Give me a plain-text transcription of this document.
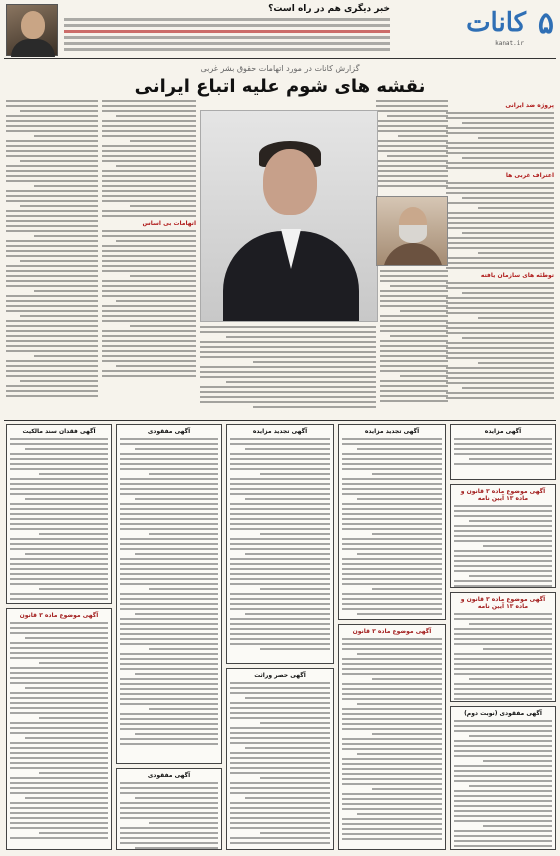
خبر دیگری هم در راه است؟	۵
کانات
kanat.ir
گزارش کانات در مورد اتهامات حقوق بشر غربی
نقشه های شوم علیه اتباع ایرانی
پروژه ضد ایرانی
اعتراف غربی ها
توطئه های سازمان یافته
اتهامات بی اساس
آگهی مزایده
آگهی موضوع ماده ۳ قانون و ماده ۱۳ آیین نامه
آگهی موضوع ماده ۳ قانون و ماده ۱۳ آیین نامه
آگهی مفقودی (نوبت دوم)
آگهی تجدید مزایده
آگهی موضوع ماده ۳ قانون
آگهی تجدید مزایده
آگهی حصر وراثت
آگهی مفقودی
آگهی مفقودی
آگهی فقدان سند مالکیت
آگهی موضوع ماده ۳ قانون
